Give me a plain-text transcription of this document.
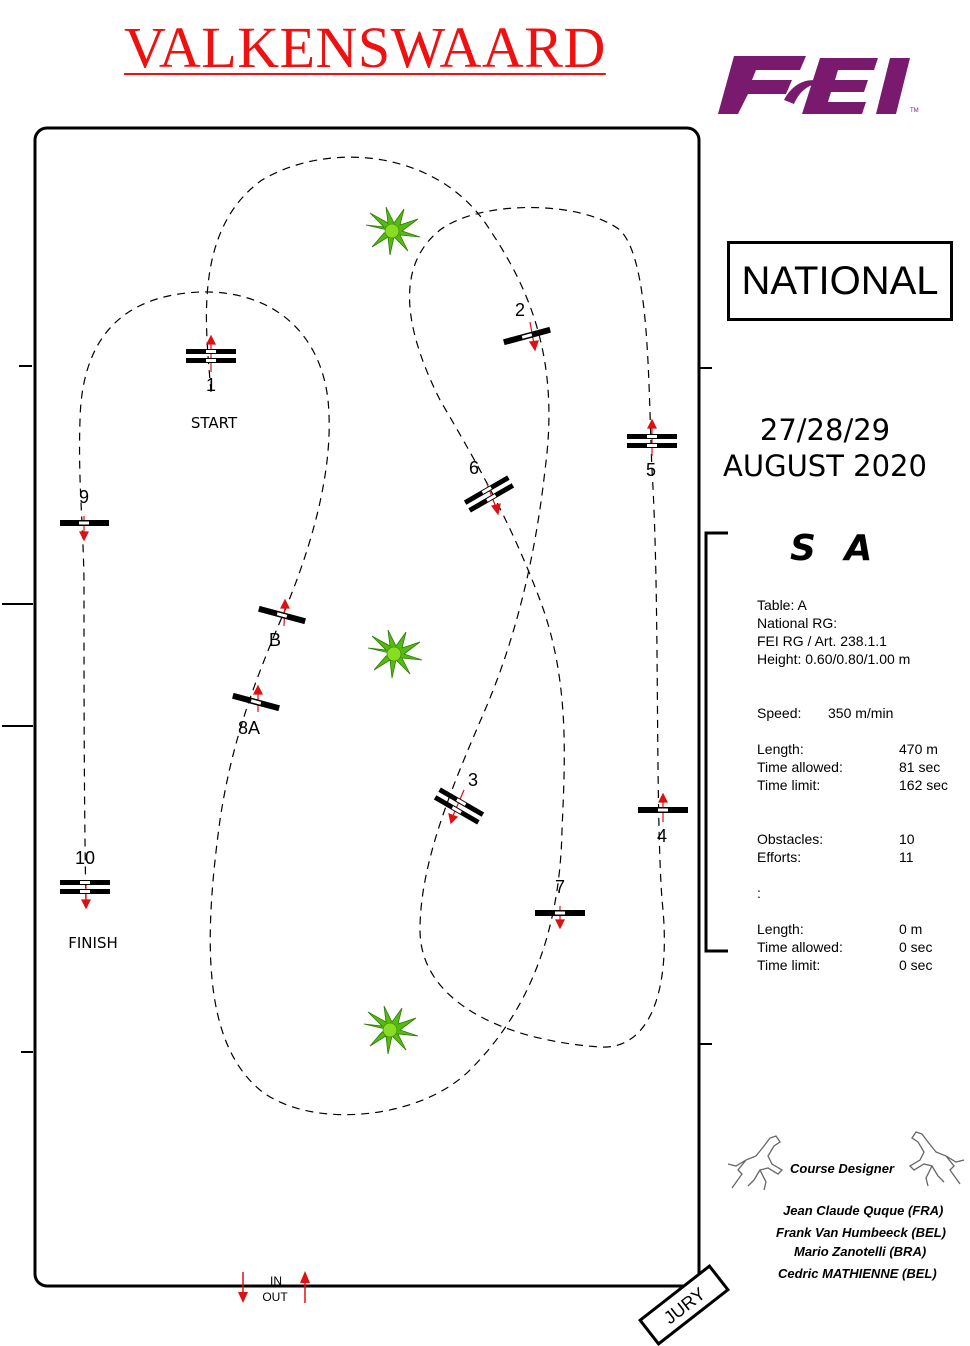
VALKENSWAARD
TM
NATIONAL
27/28/29
AUGUST 2020
S A
Table: A
National RG:
FEI RG / Art. 238.1.1
Height: 0.60/0.80/1.00 m
Speed: 350 m/min
Length:	470 m
Time allowed:	81 sec
Time limit:	162 sec
Obstacles:	10
Efforts:	11
:
Length:	0 m
Time allowed:	0 sec
Time limit:	0 sec
Course Designer
Jean Claude Quque (FRA)
Frank Van Humbeeck (BEL)
Mario Zanotelli (BRA)
Cedric MATHIENNE (BEL)
1
2
3
4
5
6
7
8A
B
9
10
START
FINISH
IN
OUT	JURY
